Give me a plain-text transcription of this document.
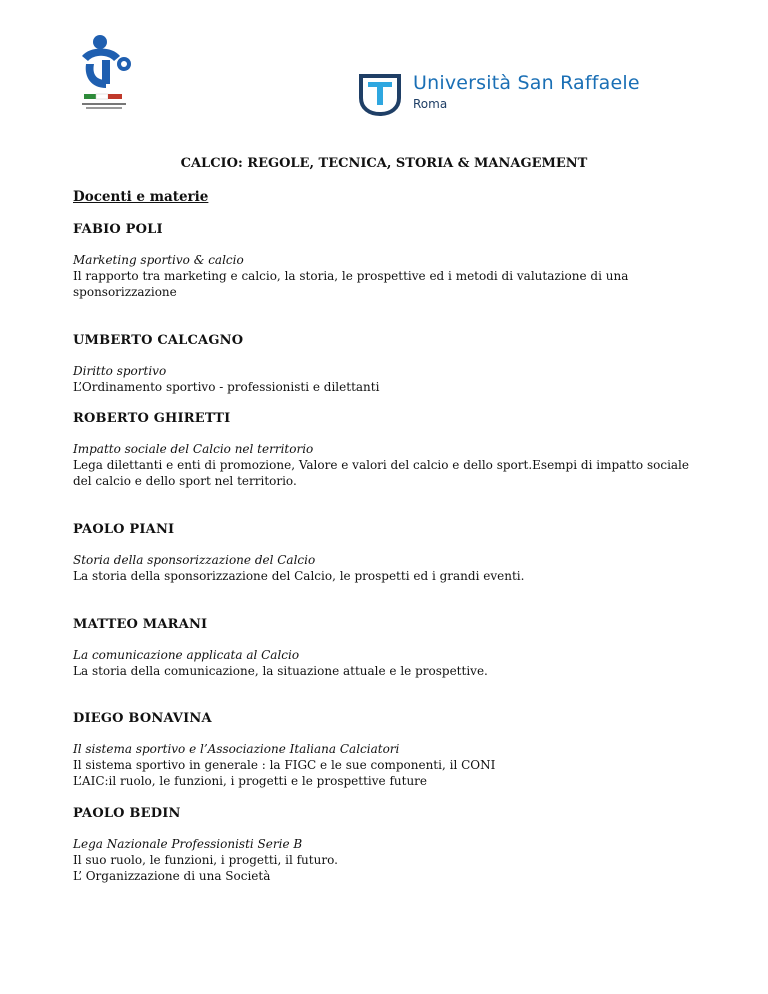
Università San Raffaele
Roma
CALCIO: REGOLE, TECNICA, STORIA & MANAGEMENT
Docenti e materie
FABIO POLI
Marketing sportivo & calcio
Il rapporto tra marketing e calcio, la storia, le prospettive ed i metodi di valutazione di una
sponsorizzazione
UMBERTO CALCAGNO
Diritto sportivo
L’Ordinamento sportivo - professionisti e dilettanti
ROBERTO GHIRETTI
Impatto sociale del Calcio nel territorio
Lega dilettanti e enti di promozione, Valore e valori del calcio e dello sport.Esempi di impatto sociale
del calcio e dello sport nel territorio.
PAOLO PIANI
Storia della sponsorizzazione del Calcio
La storia della sponsorizzazione del Calcio, le prospetti ed i grandi eventi.
MATTEO MARANI
La comunicazione applicata al Calcio
La storia della comunicazione, la situazione attuale e le prospettive.
DIEGO BONAVINA
Il sistema sportivo e l’Associazione Italiana Calciatori
Il sistema sportivo in generale : la FIGC e le sue componenti, il CONI
L’AIC:il ruolo, le funzioni, i progetti e le prospettive future
PAOLO BEDIN
Lega Nazionale Professionisti Serie B
Il suo ruolo, le funzioni, i progetti, il futuro.
L’ Organizzazione di una Società
